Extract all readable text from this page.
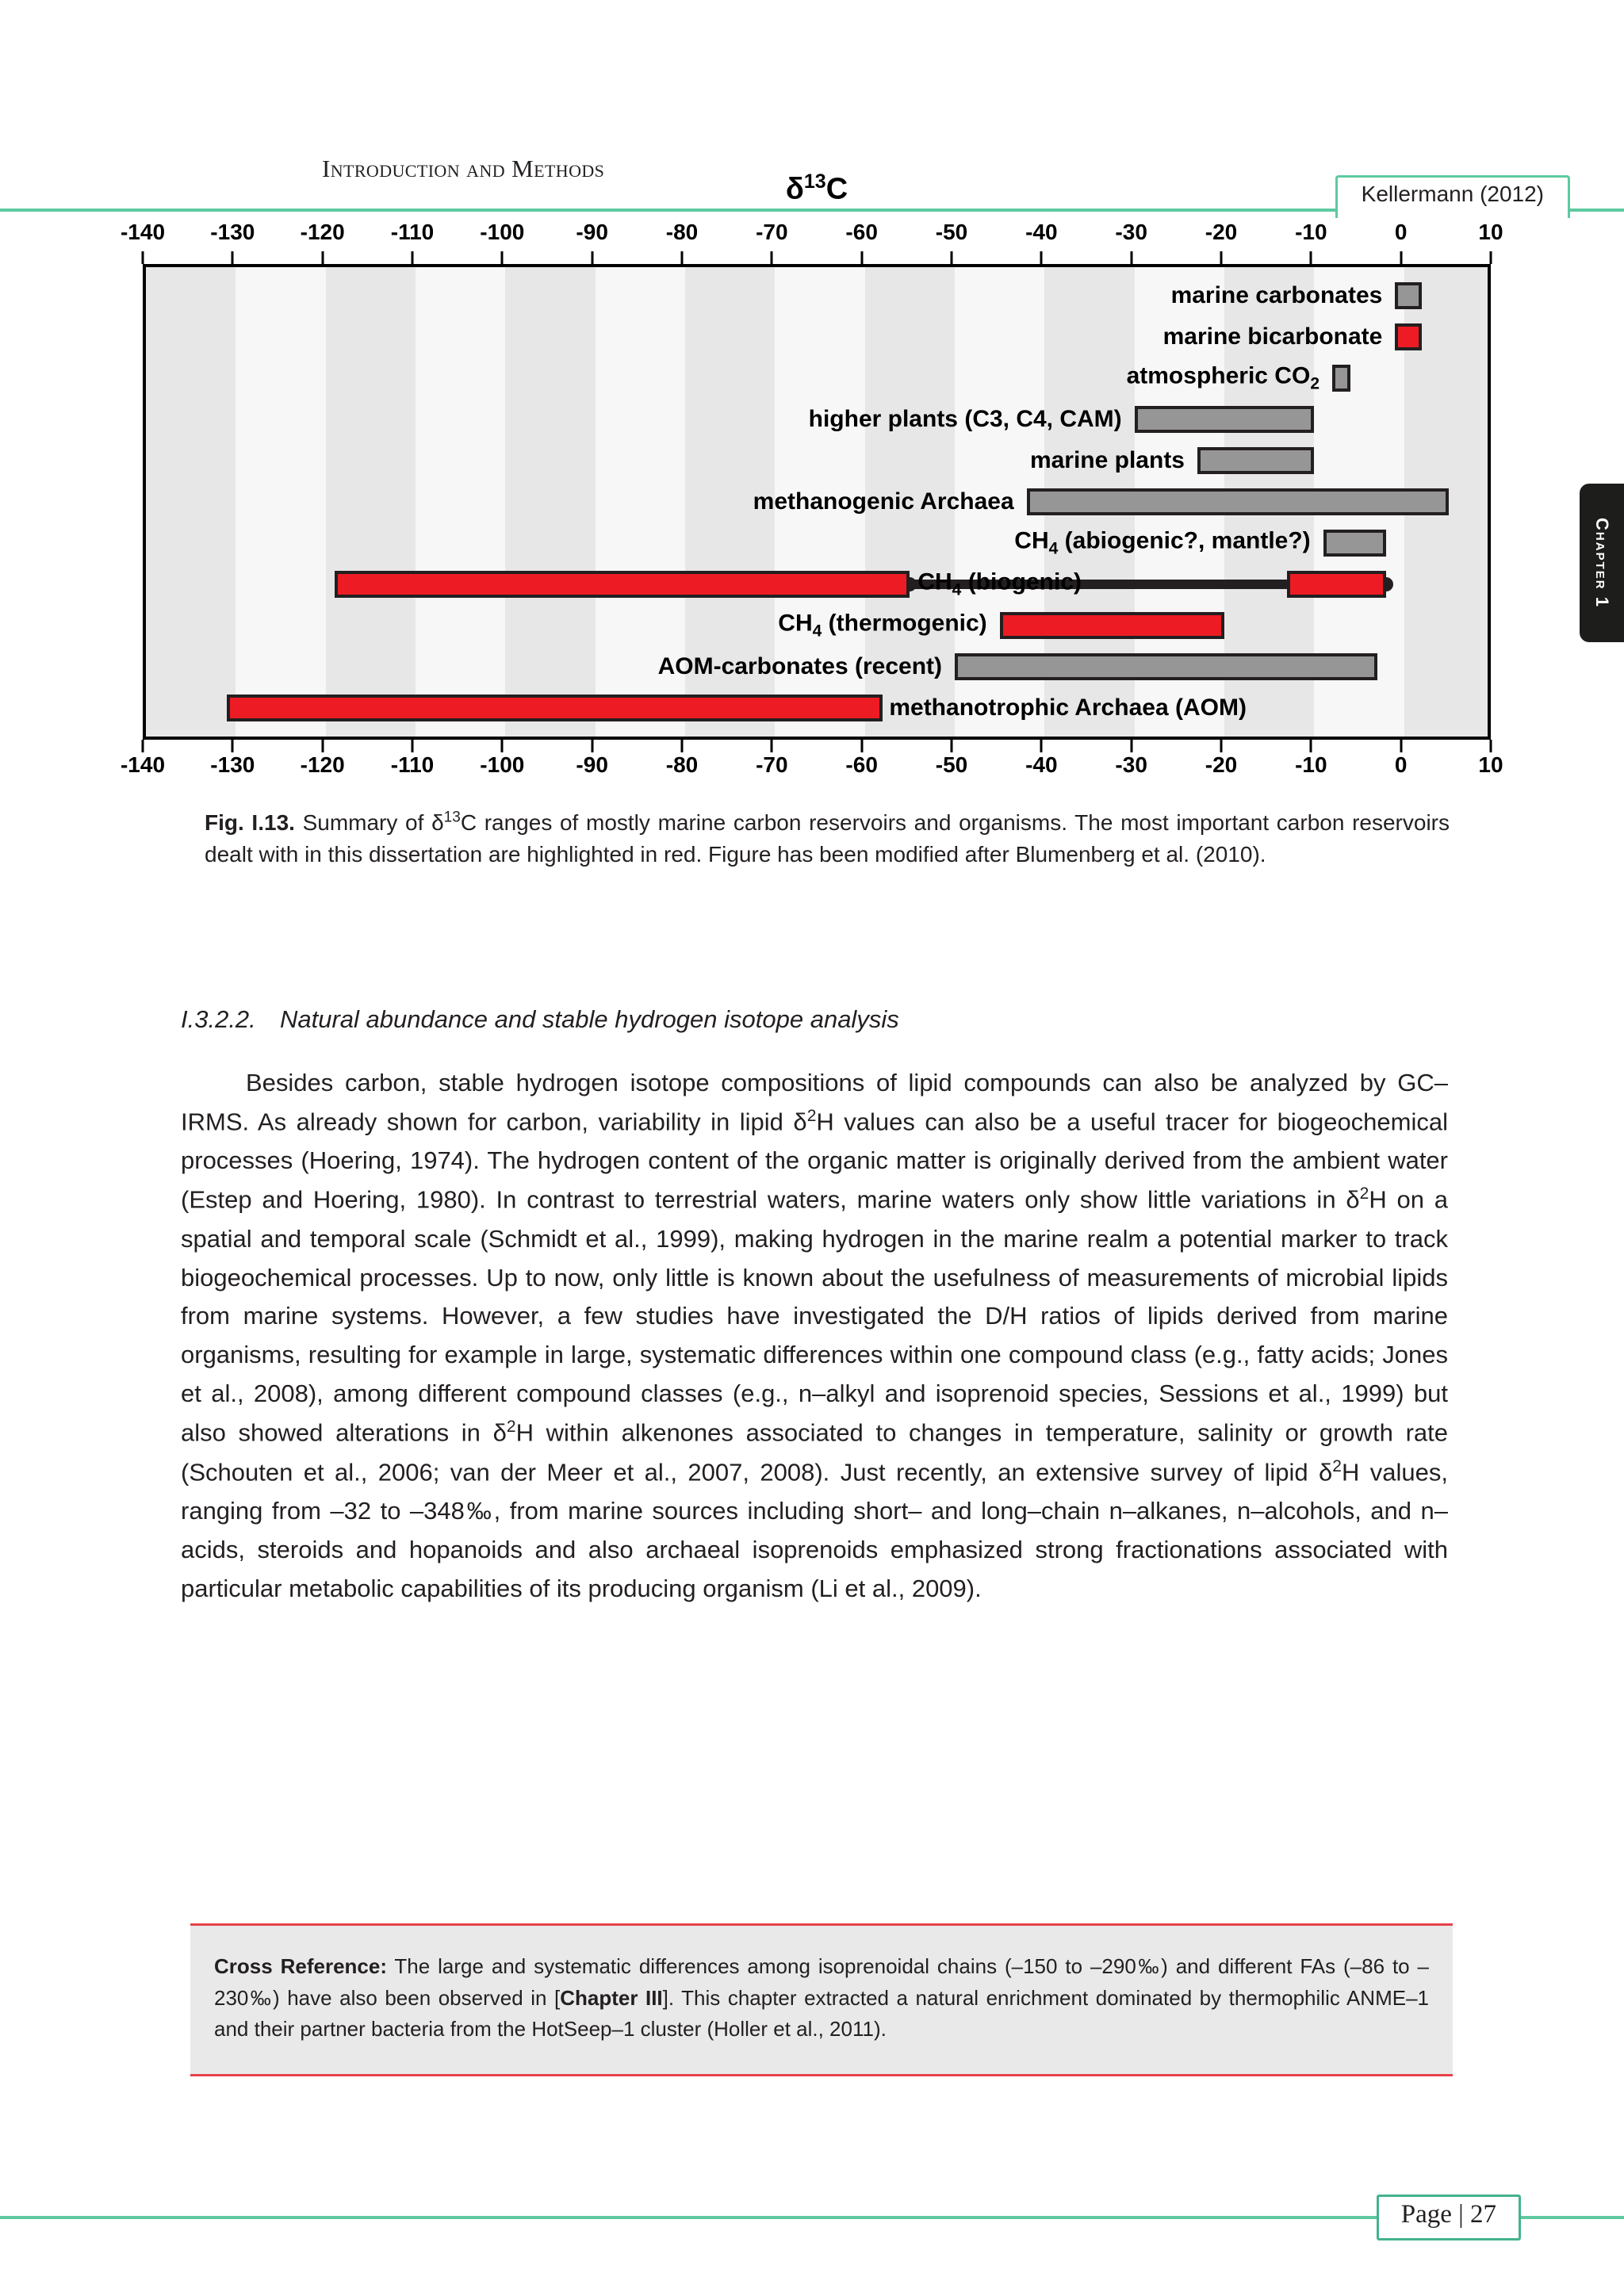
Introduction and Methods
Kellermann (2012)
Chapter 1
$\delta^{13}C$
-140 -130 -120 -110 -100 -90	-80	-70	-60	-50	-40	-30	-20	-10	0	10
marine carbonates
marine bicarbonate
atmospheric $CO_2$
higher plants (C3, C4, CAM)
marine plants
methanogenic Archaea
$CH_4$ (abiogenic?, mantle?)
$CH_4$ (biogenic)
$CH_4$ (thermogenic)
AOM-carbonates (recent)
methanotrophic Archaea (AOM)
-140 -130 -120 -110 -100 -90	-80	-70	-60	-50	-40	-30	-20	-10	0	10
Fig. I.13. Summary of $\delta^{13}C$ ranges of mostly marine carbon reservoirs and organisms. The most important carbon reservoirs dealt with in this dissertation are highlighted in red. Figure has been modified after Blumenberg et al. (2010).
I.3.2.2. Natural abundance and stable hydrogen isotope analysis
Besides carbon, stable hydrogen isotope compositions of lipid compounds can also be analyzed by GC–IRMS. As already shown for carbon, variability in lipid $\delta^2H$ values can also be a useful tracer for biogeochemical processes (Hoering, 1974). The hydrogen content of the organic matter is originally derived from the ambient water (Estep and Hoering, 1980). In contrast to terrestrial waters, marine waters only show little variations in $\delta^2H$ on a spatial and temporal scale (Schmidt et al., 1999), making hydrogen in the marine realm a potential marker to track biogeochemical processes. Up to now, only little is known about the usefulness of measurements of microbial lipids from marine systems. However, a few studies have investigated the D/H ratios of lipids derived from marine organisms, resulting for example in large, systematic differences within one compound class (e.g., fatty acids; Jones et al., 2008), among different compound classes (e.g., n–alkyl and isoprenoid species, Sessions et al., 1999) but also showed alterations in $\delta^2H$ within alkenones associated to changes in temperature, salinity or growth rate (Schouten et al., 2006; van der Meer et al., 2007, 2008). Just recently, an extensive survey of lipid $\delta^2H$ values, ranging from –32 to –348‰, from marine sources including short– and long–chain n–alkanes, n–alcohols, and n–acids, steroids and hopanoids and also archaeal isoprenoids emphasized strong fractionations associated with particular metabolic capabilities of its producing organism (Li et al., 2009).
Cross Reference: The large and systematic differences among isoprenoidal chains (–150 to –290‰) and different FAs (–86 to –230‰) have also been observed in [Chapter III]. This chapter extracted a natural enrichment dominated by thermophilic ANME–1 and their partner bacteria from the HotSeep–1 cluster (Holler et al., 2011).
Page | 27
